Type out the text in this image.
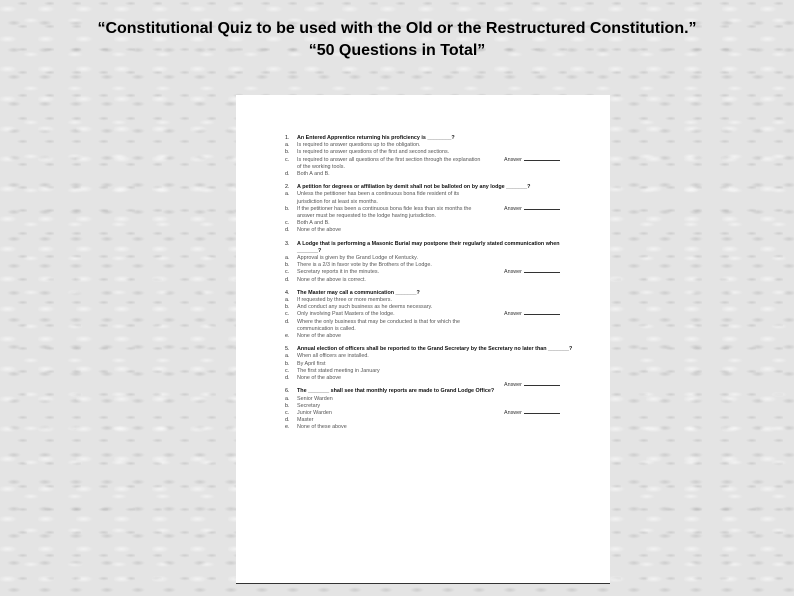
“Constitutional Quiz to be used with the Old or the Restructured Constitution.”
“50 Questions in Total”
1.	An Entered Apprentice returning his proficiency is ________?
a.	Is required to answer questions up to the obligation.
b.	Is required to answer questions of the first and second sections.
c.	Is required to answer all questions of the first section through the explanation of the working tools.
d.	Both A and B.
Answer
2.	A petition for degrees or affiliation by demit shall not be balloted on by any lodge _______?
a.	Unless the petitioner has been a continuous bona fide resident of its jurisdiction for at least six months.
b.	If the petitioner has been a continuous bona fide less than six months the answer must be requested to the lodge having jurisdiction.
c.	Both A and B.
d.	None of the above
Answer
3.	A Lodge that is performing a Masonic Burial may postpone their regularly stated communication when _______?
a.	Approval is given by the Grand Lodge of Kentucky.
b.	There is a 2/3 in favor vote by the Brothers of the Lodge.
c.	Secretary reports it in the minutes.
d.	None of the above is correct.
Answer
4.	The Master may call a communication _______?
a.	If requested by three or more members.
b.	And conduct any such business as he deems necessary.
c.	Only involving Past Masters of the lodge.
d.	Where the only business that may be conducted is that for which the communication is called.
e.	None of the above
Answer
5.	Annual election of officers shall be reported to the Grand Secretary by the Secretary no later than _______?
a.	When all officers are installed.
b.	By April first
c.	The first stated meeting in January
d.	None of the above
Answer
6.	The _______ shall see that monthly reports are made to Grand Lodge Office?
a.	Senior Warden
b.	Secretary
c.	Junior Warden
d.	Master
e.	None of these above
Answer
